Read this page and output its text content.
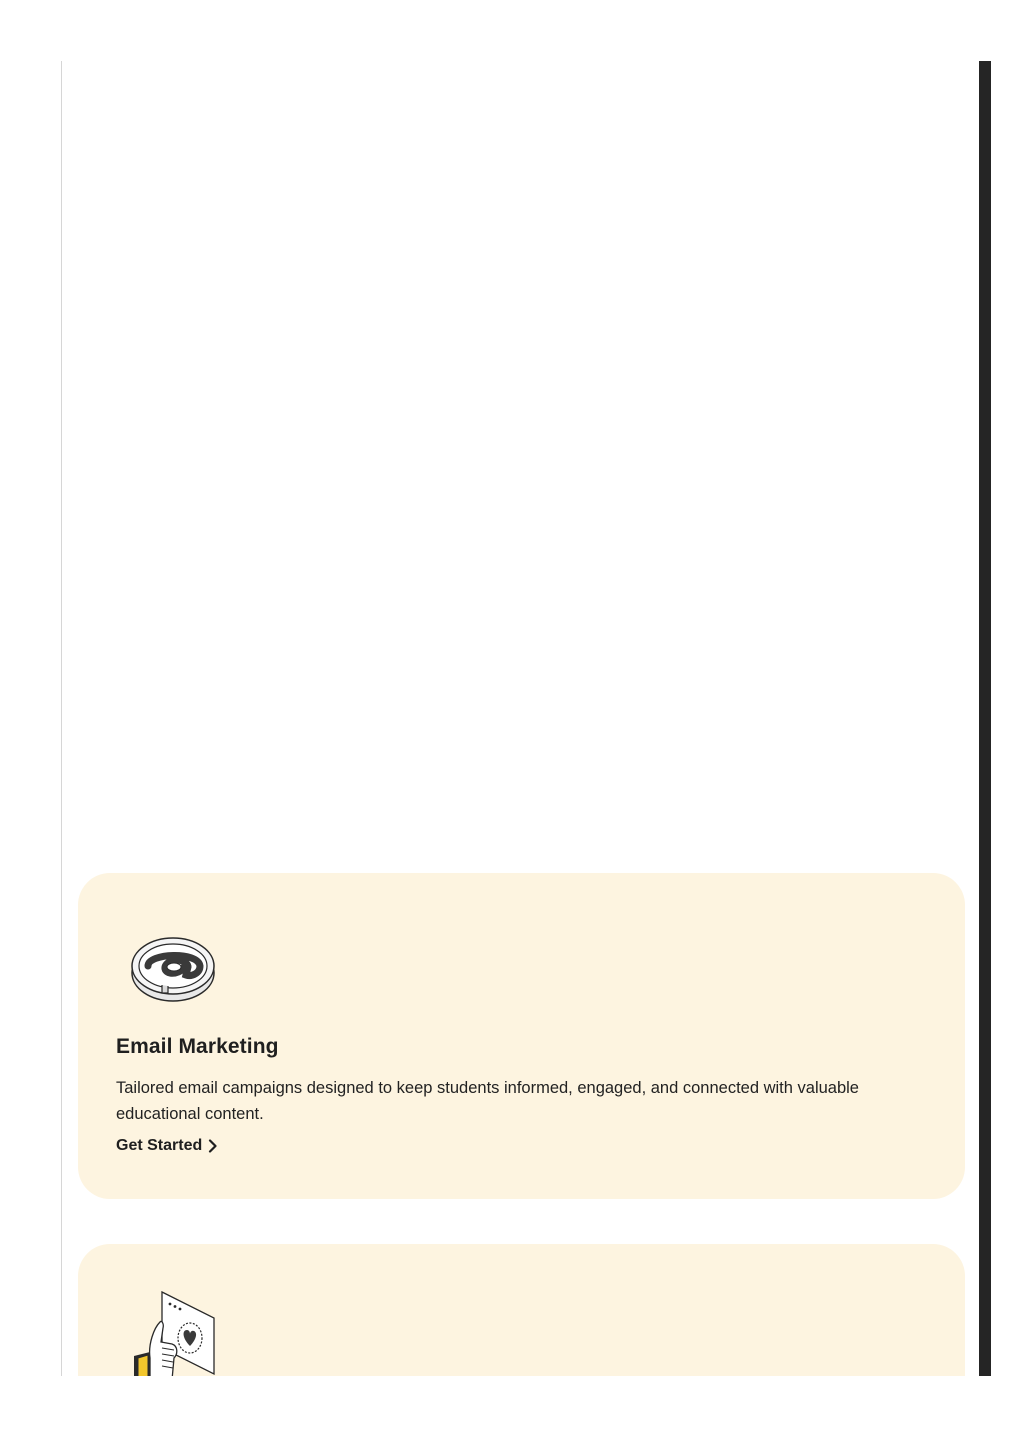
Email Marketing

Tailored email campaigns designed to keep students informed, engaged, and connected with valuable educational content.

Get Started
